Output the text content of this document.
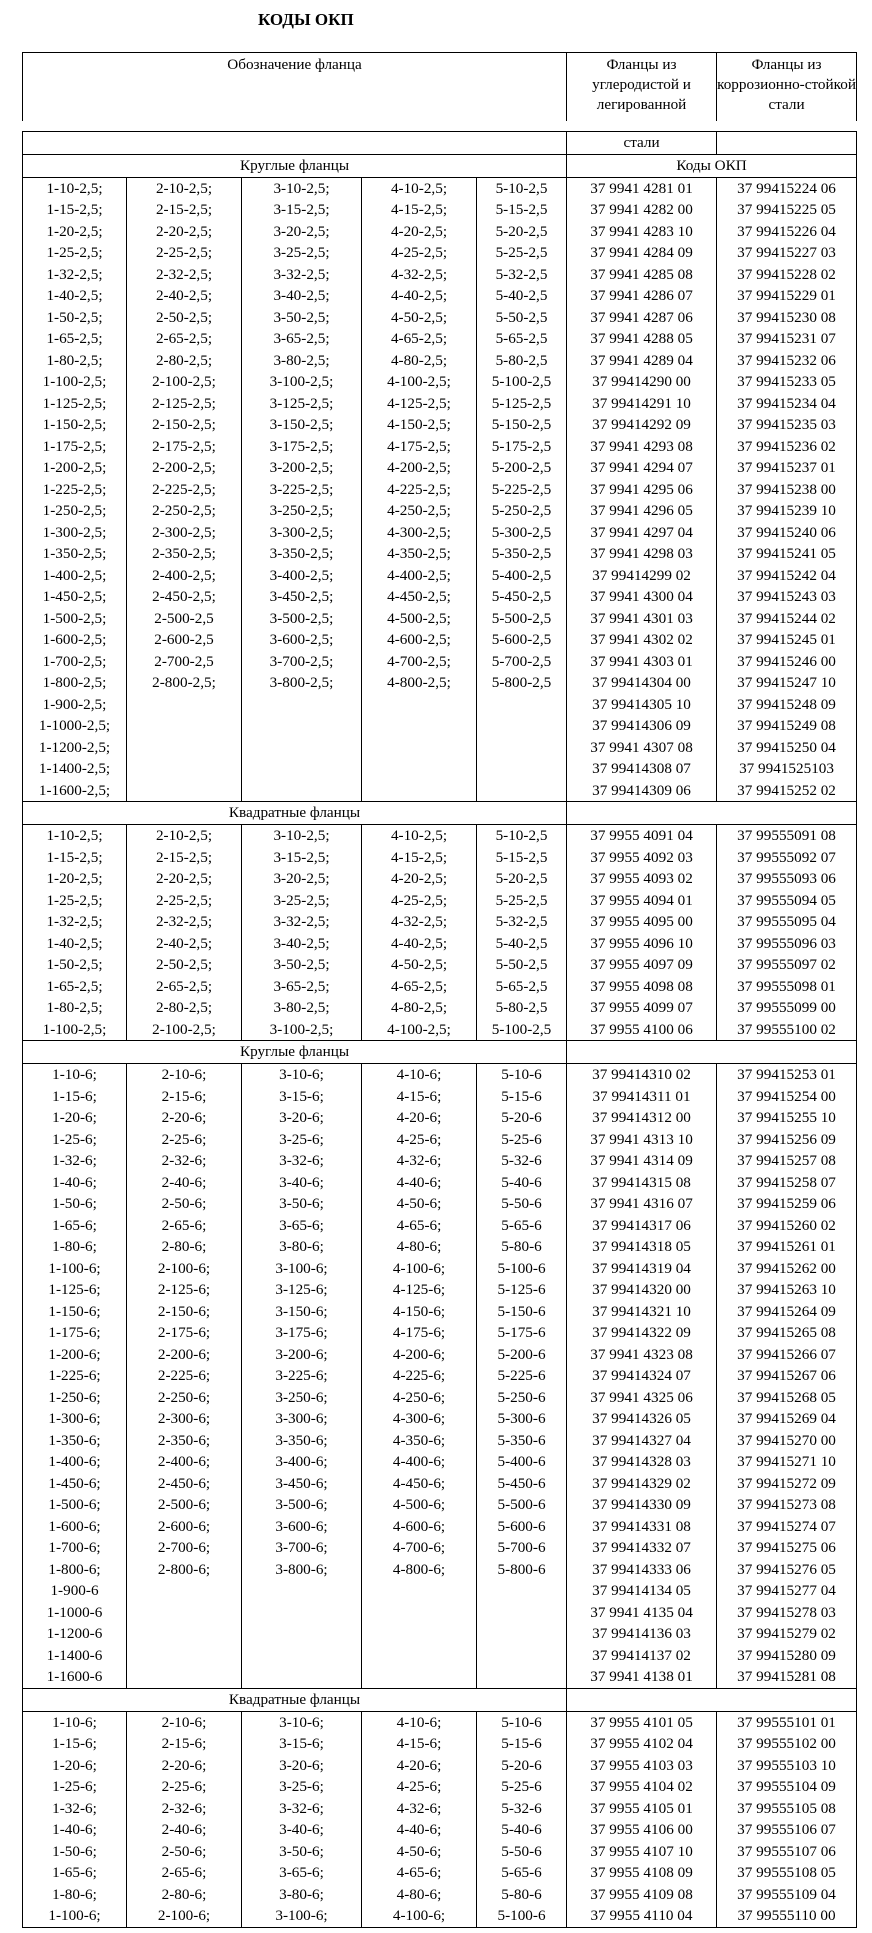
КОДЫ ОКП
Обозначение фланца					Фланцы из углеродистой и легированной	Фланцы из коррозионно-стойкой стали

					стали	
Круглые фланцы					Коды ОКП	
1-10-2,5;	2-10-2,5;	3-10-2,5;	4-10-2,5;	5-10-2,5	37 9941 4281 01	37 99415224 06
1-15-2,5;	2-15-2,5;	3-15-2,5;	4-15-2,5;	5-15-2,5	37 9941 4282 00	37 99415225 05
1-20-2,5;	2-20-2,5;	3-20-2,5;	4-20-2,5;	5-20-2,5	37 9941 4283 10	37 99415226 04
1-25-2,5;	2-25-2,5;	3-25-2,5;	4-25-2,5;	5-25-2,5	37 9941 4284 09	37 99415227 03
1-32-2,5;	2-32-2,5;	3-32-2,5;	4-32-2,5;	5-32-2,5	37 9941 4285 08	37 99415228 02
1-40-2,5;	2-40-2,5;	3-40-2,5;	4-40-2,5;	5-40-2,5	37 9941 4286 07	37 99415229 01
1-50-2,5;	2-50-2,5;	3-50-2,5;	4-50-2,5;	5-50-2,5	37 9941 4287 06	37 99415230 08
1-65-2,5;	2-65-2,5;	3-65-2,5;	4-65-2,5;	5-65-2,5	37 9941 4288 05	37 99415231 07
1-80-2,5;	2-80-2,5;	3-80-2,5;	4-80-2,5;	5-80-2,5	37 9941 4289 04	37 99415232 06
1-100-2,5;	2-100-2,5;	3-100-2,5;	4-100-2,5;	5-100-2,5	37 99414290 00	37 99415233 05
1-125-2,5;	2-125-2,5;	3-125-2,5;	4-125-2,5;	5-125-2,5	37 99414291 10	37 99415234 04
1-150-2,5;	2-150-2,5;	3-150-2,5;	4-150-2,5;	5-150-2,5	37 99414292 09	37 99415235 03
1-175-2,5;	2-175-2,5;	3-175-2,5;	4-175-2,5;	5-175-2,5	37 9941 4293 08	37 99415236 02
1-200-2,5;	2-200-2,5;	3-200-2,5;	4-200-2,5;	5-200-2,5	37 9941 4294 07	37 99415237 01
1-225-2,5;	2-225-2,5;	3-225-2,5;	4-225-2,5;	5-225-2,5	37 9941 4295 06	37 99415238 00
1-250-2,5;	2-250-2,5;	3-250-2,5;	4-250-2,5;	5-250-2,5	37 9941 4296 05	37 99415239 10
1-300-2,5;	2-300-2,5;	3-300-2,5;	4-300-2,5;	5-300-2,5	37 9941 4297 04	37 99415240 06
1-350-2,5;	2-350-2,5;	3-350-2,5;	4-350-2,5;	5-350-2,5	37 9941 4298 03	37 99415241 05
1-400-2,5;	2-400-2,5;	3-400-2,5;	4-400-2,5;	5-400-2,5	37 99414299 02	37 99415242 04
1-450-2,5;	2-450-2,5;	3-450-2,5;	4-450-2,5;	5-450-2,5	37 9941 4300 04	37 99415243 03
1-500-2,5;	2-500-2,5	3-500-2,5;	4-500-2,5;	5-500-2,5	37 9941 4301 03	37 99415244 02
1-600-2,5;	2-600-2,5	3-600-2,5;	4-600-2,5;	5-600-2,5	37 9941 4302 02	37 99415245 01
1-700-2,5;	2-700-2,5	3-700-2,5;	4-700-2,5;	5-700-2,5	37 9941 4303 01	37 99415246 00
1-800-2,5;	2-800-2,5;	3-800-2,5;	4-800-2,5;	5-800-2,5	37 99414304 00	37 99415247 10
1-900-2,5;					37 99414305 10	37 99415248 09
1-1000-2,5;					37 99414306 09	37 99415249 08
1-1200-2,5;					37 9941 4307 08	37 99415250 04
1-1400-2,5;					37 99414308 07	37 9941525103
1-1600-2,5;					37 99414309 06	37 99415252 02
Квадратные фланцы						
1-10-2,5;	2-10-2,5;	3-10-2,5;	4-10-2,5;	5-10-2,5	37 9955 4091 04	37 99555091 08
1-15-2,5;	2-15-2,5;	3-15-2,5;	4-15-2,5;	5-15-2,5	37 9955 4092 03	37 99555092 07
1-20-2,5;	2-20-2,5;	3-20-2,5;	4-20-2,5;	5-20-2,5	37 9955 4093 02	37 99555093 06
1-25-2,5;	2-25-2,5;	3-25-2,5;	4-25-2,5;	5-25-2,5	37 9955 4094 01	37 99555094 05
1-32-2,5;	2-32-2,5;	3-32-2,5;	4-32-2,5;	5-32-2,5	37 9955 4095 00	37 99555095 04
1-40-2,5;	2-40-2,5;	3-40-2,5;	4-40-2,5;	5-40-2,5	37 9955 4096 10	37 99555096 03
1-50-2,5;	2-50-2,5;	3-50-2,5;	4-50-2,5;	5-50-2,5	37 9955 4097 09	37 99555097 02
1-65-2,5;	2-65-2,5;	3-65-2,5;	4-65-2,5;	5-65-2,5	37 9955 4098 08	37 99555098 01
1-80-2,5;	2-80-2,5;	3-80-2,5;	4-80-2,5;	5-80-2,5	37 9955 4099 07	37 99555099 00
1-100-2,5;	2-100-2,5;	3-100-2,5;	4-100-2,5;	5-100-2,5	37 9955 4100 06	37 99555100 02
Круглые фланцы						
1-10-6;	2-10-6;	3-10-6;	4-10-6;	5-10-6	37 99414310 02	37 99415253 01
1-15-6;	2-15-6;	3-15-6;	4-15-6;	5-15-6	37 99414311 01	37 99415254 00
1-20-6;	2-20-6;	3-20-6;	4-20-6;	5-20-6	37 99414312 00	37 99415255 10
1-25-6;	2-25-6;	3-25-6;	4-25-6;	5-25-6	37 9941 4313 10	37 99415256 09
1-32-6;	2-32-6;	3-32-6;	4-32-6;	5-32-6	37 9941 4314 09	37 99415257 08
1-40-6;	2-40-6;	3-40-6;	4-40-6;	5-40-6	37 99414315 08	37 99415258 07
1-50-6;	2-50-6;	3-50-6;	4-50-6;	5-50-6	37 9941 4316 07	37 99415259 06
1-65-6;	2-65-6;	3-65-6;	4-65-6;	5-65-6	37 99414317 06	37 99415260 02
1-80-6;	2-80-6;	3-80-6;	4-80-6;	5-80-6	37 99414318 05	37 99415261 01
1-100-6;	2-100-6;	3-100-6;	4-100-6;	5-100-6	37 99414319 04	37 99415262 00
1-125-6;	2-125-6;	3-125-6;	4-125-6;	5-125-6	37 99414320 00	37 99415263 10
1-150-6;	2-150-6;	3-150-6;	4-150-6;	5-150-6	37 99414321 10	37 99415264 09
1-175-6;	2-175-6;	3-175-6;	4-175-6;	5-175-6	37 99414322 09	37 99415265 08
1-200-6;	2-200-6;	3-200-6;	4-200-6;	5-200-6	37 9941 4323 08	37 99415266 07
1-225-6;	2-225-6;	3-225-6;	4-225-6;	5-225-6	37 99414324 07	37 99415267 06
1-250-6;	2-250-6;	3-250-6;	4-250-6;	5-250-6	37 9941 4325 06	37 99415268 05
1-300-6;	2-300-6;	3-300-6;	4-300-6;	5-300-6	37 99414326 05	37 99415269 04
1-350-6;	2-350-6;	3-350-6;	4-350-6;	5-350-6	37 99414327 04	37 99415270 00
1-400-6;	2-400-6;	3-400-6;	4-400-6;	5-400-6	37 99414328 03	37 99415271 10
1-450-6;	2-450-6;	3-450-6;	4-450-6;	5-450-6	37 99414329 02	37 99415272 09
1-500-6;	2-500-6;	3-500-6;	4-500-6;	5-500-6	37 99414330 09	37 99415273 08
1-600-6;	2-600-6;	3-600-6;	4-600-6;	5-600-6	37 99414331 08	37 99415274 07
1-700-6;	2-700-6;	3-700-6;	4-700-6;	5-700-6	37 99414332 07	37 99415275 06
1-800-6;	2-800-6;	3-800-6;	4-800-6;	5-800-6	37 99414333 06	37 99415276 05
1-900-6					37 99414134 05	37 99415277 04
1-1000-6					37 9941 4135 04	37 99415278 03
1-1200-6					37 99414136 03	37 99415279 02
1-1400-6					37 99414137 02	37 99415280 09
1-1600-6					37 9941 4138 01	37 99415281 08
Квадратные фланцы						
1-10-6;	2-10-6;	3-10-6;	4-10-6;	5-10-6	37 9955 4101 05	37 99555101 01
1-15-6;	2-15-6;	3-15-6;	4-15-6;	5-15-6	37 9955 4102 04	37 99555102 00
1-20-6;	2-20-6;	3-20-6;	4-20-6;	5-20-6	37 9955 4103 03	37 99555103 10
1-25-6;	2-25-6;	3-25-6;	4-25-6;	5-25-6	37 9955 4104 02	37 99555104 09
1-32-6;	2-32-6;	3-32-6;	4-32-6;	5-32-6	37 9955 4105 01	37 99555105 08
1-40-6;	2-40-6;	3-40-6;	4-40-6;	5-40-6	37 9955 4106 00	37 99555106 07
1-50-6;	2-50-6;	3-50-6;	4-50-6;	5-50-6	37 9955 4107 10	37 99555107 06
1-65-6;	2-65-6;	3-65-6;	4-65-6;	5-65-6	37 9955 4108 09	37 99555108 05
1-80-6;	2-80-6;	3-80-6;	4-80-6;	5-80-6	37 9955 4109 08	37 99555109 04
1-100-6;	2-100-6;	3-100-6;	4-100-6;	5-100-6	37 9955 4110 04	37 99555110 00
